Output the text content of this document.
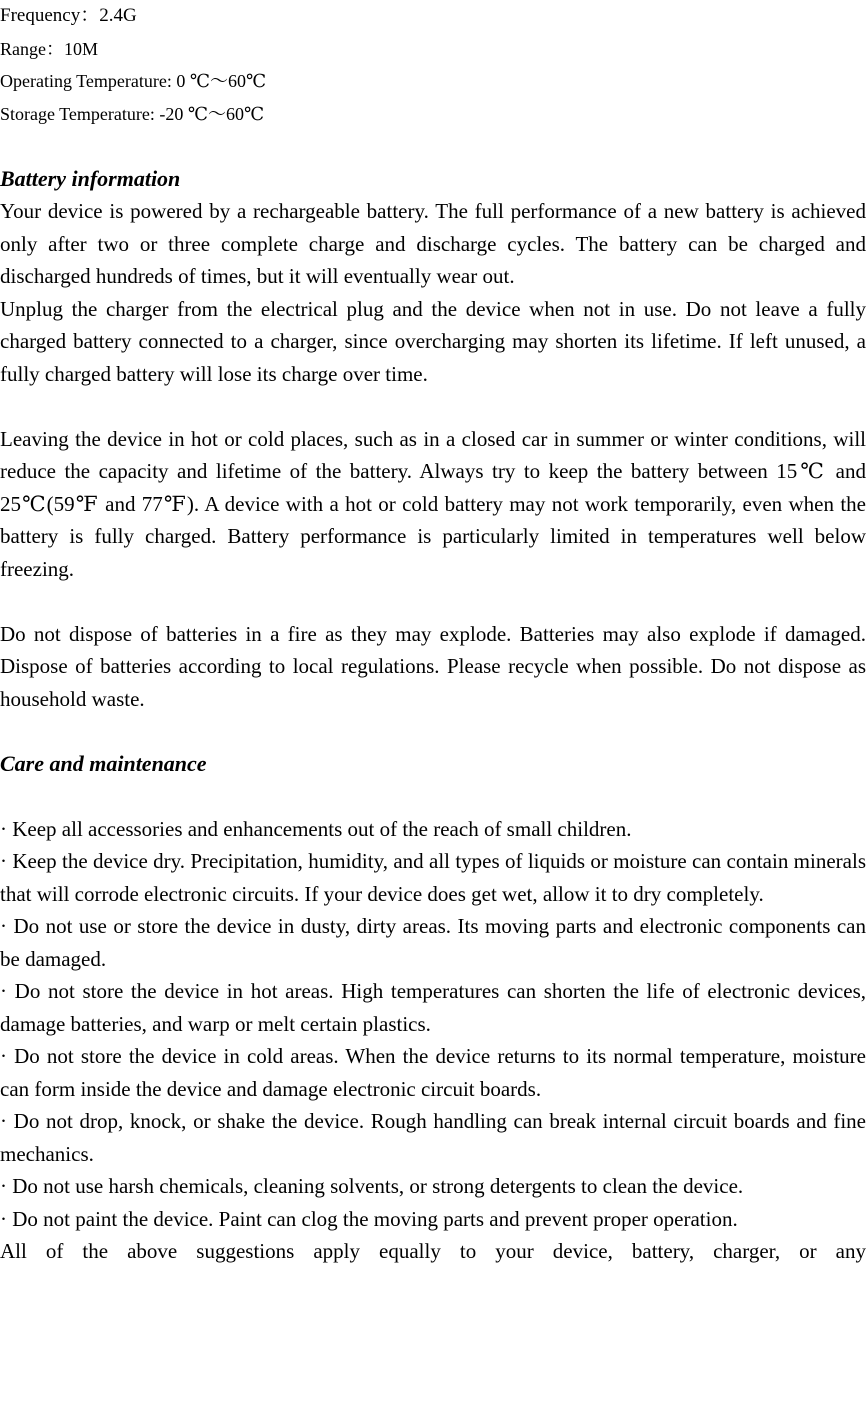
Frequency：2.4G
Range：10M
Operating Temperature: 0 ℃～60℃
Storage Temperature: -20 ℃～60℃
Battery information

Your device is powered by a rechargeable battery. The full performance of a new battery is achieved only after two or three complete charge and discharge cycles. The battery can be charged and discharged hundreds of times, but it will eventually wear out.

Unplug the charger from the electrical plug and the device when not in use. Do not leave a fully charged battery connected to a charger, since overcharging may shorten its lifetime. If left unused, a fully charged battery will lose its charge over time.

Leaving the device in hot or cold places, such as in a closed car in summer or winter conditions, will reduce the capacity and lifetime of the battery. Always try to keep the battery between 15℃ and 25℃(59℉ and 77℉). A device with a hot or cold battery may not work temporarily, even when the battery is fully charged. Battery performance is particularly limited in temperatures well below freezing.

Do not dispose of batteries in a fire as they may explode. Batteries may also explode if damaged. Dispose of batteries according to local regulations. Please recycle when possible. Do not dispose as household waste.

Care and maintenance

· Keep all accessories and enhancements out of the reach of small children.

· Keep the device dry. Precipitation, humidity, and all types of liquids or moisture can contain minerals that will corrode electronic circuits. If your device does get wet, allow it to dry completely.

· Do not use or store the device in dusty, dirty areas. Its moving parts and electronic components can be damaged.

· Do not store the device in hot areas. High temperatures can shorten the life of electronic devices, damage batteries, and warp or melt certain plastics.

· Do not store the device in cold areas. When the device returns to its normal temperature, moisture can form inside the device and damage electronic circuit boards.

· Do not drop, knock, or shake the device. Rough handling can break internal circuit boards and fine mechanics.

· Do not use harsh chemicals, cleaning solvents, or strong detergents to clean the device.

· Do not paint the device. Paint can clog the moving parts and prevent proper operation.

All of the above suggestions apply equally to your device, battery, charger, or any
